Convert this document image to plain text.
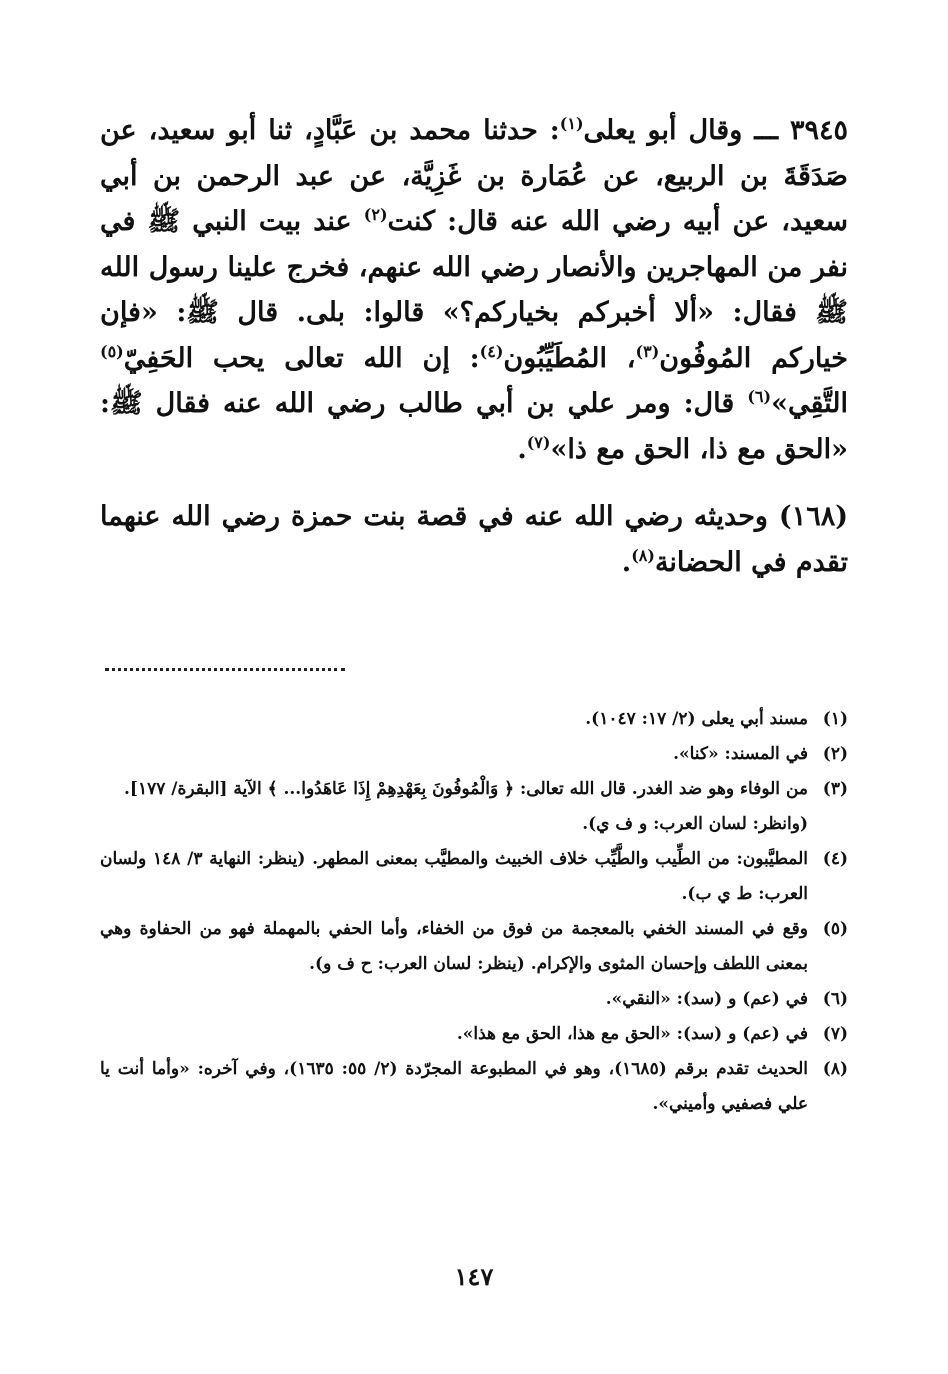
٣٩٤٥ ـــ وقال أبو يعلى$^{(١)}$: حدثنا محمد بن عَبَّادٍ، ثنا أبو سعيد، عن صَدَقَةَ بن الربيع، عن عُمَارة بن غَزِيَّة، عن عبد الرحمن بن أبي سعيد، عن أبيه رضي الله عنه قال: كنت$^{(٢)}$ عند بيت النبي ﷺ في نفر من المهاجرين والأنصار رضي الله عنهم، فخرج علينا رسول الله ﷺ فقال: «ألا أخبركم بخياركم؟» قالوا: بلى. قال ﷺ: «فإن خياركم المُوفُون$^{(٣)}$، المُطَيِّبُون$^{(٤)}$: إن الله تعالى يحب الحَفِيّ$^{(٥)}$ التَّقِي»$^{(٦)}$ قال: ومر علي بن أبي طالب رضي الله عنه فقال ﷺ: «الحق مع ذا، الحق مع ذا»$^{(٧)}$.

(١٦٨) وحديثه رضي الله عنه في قصة بنت حمزة رضي الله عنهما تقدم في الحضانة$^{(٨)}$.

(١)
مسند أبي يعلى (٢/ ١٧: ١٠٤٧).
(٢)
في المسند: «كنا».
(٣)
من الوفاء وهو ضد الغدر. قال الله تعالى: ﴿ وَالْمُوفُونَ بِعَهْدِهِمْ إِذَا عَاهَدُوا... ﴾ الآية [البقرة/ ١٧٧].

(وانظر: لسان العرب: و ف ي).

(٤)
المطيَّبون: من الطِّيب والطَّيِّب خلاف الخبيث والمطيَّب بمعنى المطهر. (ينظر: النهاية ٣/ ١٤٨ ولسان العرب: ط ي ب).
(٥)
وقع في المسند الخفي بالمعجمة من فوق من الخفاء، وأما الحفي بالمهملة فهو من الحفاوة وهي بمعنى اللطف وإحسان المثوى والإكرام. (ينظر: لسان العرب: ح ف و).
(٦)
في (عم) و (سد): «النقي».
(٧)
في (عم) و (سد): «الحق مع هذا، الحق مع هذا».
(٨)
الحديث تقدم برقم (١٦٨٥)، وهو في المطبوعة المجرّدة (٢/ ٥٥: ١٦٣٥)، وفي آخره: «وأما أنت يا علي فصفيي وأميني».
١٤٧
